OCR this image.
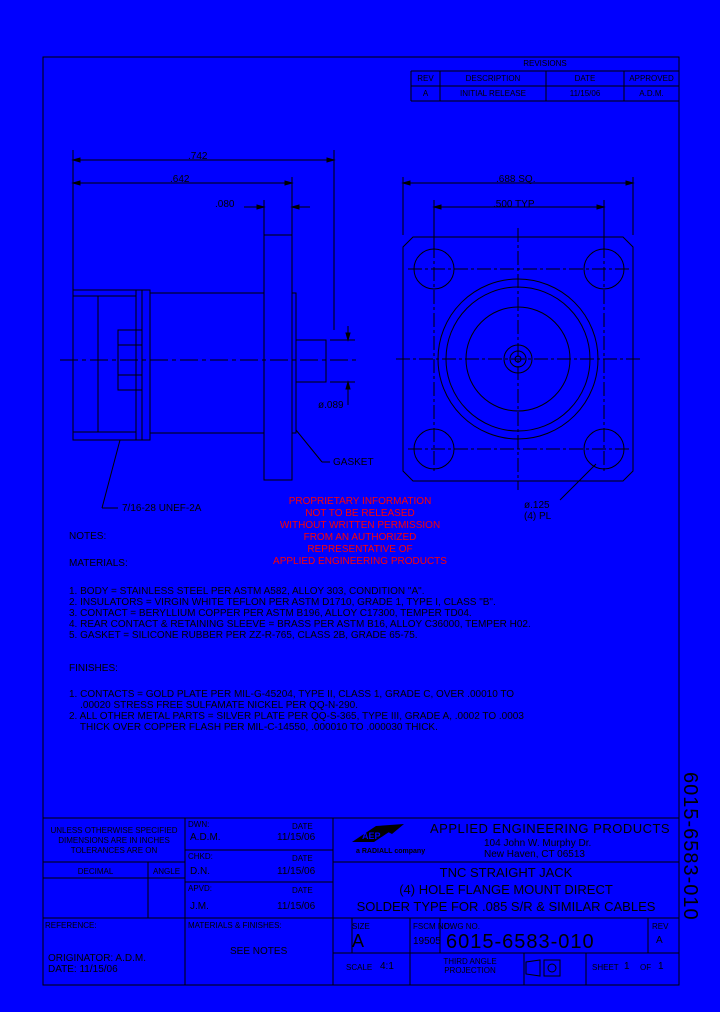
REVISIONS
REV	DESCRIPTION	DATE	APPROVED
A	INITIAL RELEASE	11/15/06	A.D.M.
.742
.642
.080
.688 SQ.
.500 TYP
ø.089
GASKET
7/16-28 UNEF-2A	ø.125
(4) PL
PROPRIETARY INFORMATION
NOT TO BE RELEASED
WITHOUT WRITTEN PERMISSION
FROM AN AUTHORIZED
REPRESENTATIVE OF
APPLIED ENGINEERING PRODUCTS
NOTES:
MATERIALS:
1. BODY = STAINLESS STEEL PER ASTM A582, ALLOY 303, CONDITION "A".
2. INSULATORS = VIRGIN WHITE TEFLON PER ASTM D1710, GRADE 1, TYPE I, CLASS "B".
3. CONTACT = BERYLLIUM COPPER PER ASTM B196, ALLOY C17300, TEMPER TD04.
4. REAR CONTACT & RETAINING SLEEVE = BRASS PER ASTM B16, ALLOY C36000, TEMPER H02.
5. GASKET = SILICONE RUBBER PER ZZ-R-765, CLASS 2B, GRADE 65-75.
FINISHES:
1. CONTACTS = GOLD PLATE PER MIL-G-45204, TYPE II, CLASS 1, GRADE C, OVER .00010 TO
.00020 STRESS FREE SULFAMATE NICKEL PER QQ-N-290.
2. ALL OTHER METAL PARTS = SILVER PLATE PER QQ-S-365, TYPE III, GRADE A, .0002 TO .0003
THICK OVER COPPER FLASH PER MIL-C-14550, .000010 TO .000030 THICK.
6015-6583-010
UNLESS OTHERWISE SPECIFIED
DIMENSIONS ARE IN INCHES
TOLERANCES ARE ON
DECIMAL	ANGLE
DWN:	DATE
A.D.M.	11/15/06
CHKD:	DATE
D.N.	11/15/06
APVD:	DATE
J.M.	11/15/06
AEP
a RADIALL company
APPLIED ENGINEERING PRODUCTS
104 John W. Murphy Dr.
New Haven, CT 06513
TNC STRAIGHT JACK
(4) HOLE FLANGE MOUNT DIRECT
SOLDER TYPE FOR .085 S/R & SIMILAR CABLES
REFERENCE:
ORIGINATOR: A.D.M.
DATE: 11/15/06
MATERIALS & FINISHES:
SEE NOTES
SIZE
A
FSCM NO.
19505
DWG NO.
6015-6583-010
REV
A
SCALE 4:1	THIRD ANGLE
PROJECTION	SHEET 1 OF 1
